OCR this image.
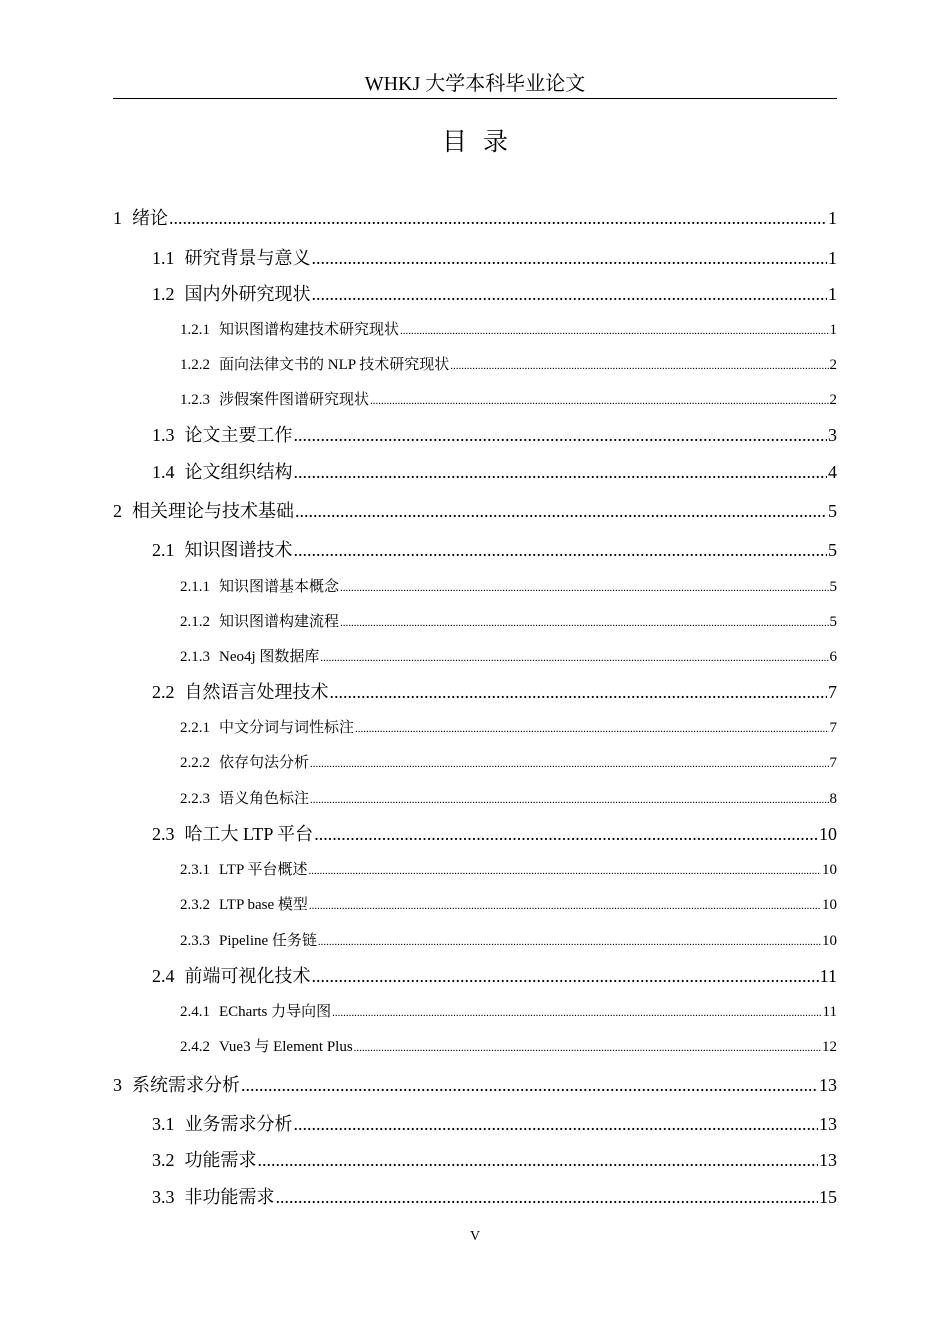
WHKJ 大学本科毕业论文
目录
1 绪论 .....	1
1.1 研究背景与意义 .....	1
1.2 国内外研究现状 .....	1
1.2.1 知识图谱构建技术研究现状 .....	1
1.2.2 面向法律文书的 NLP 技术研究现状 .....	2
1.2.3 涉假案件图谱研究现状 .....	2
1.3 论文主要工作 .....	3
1.4 论文组织结构 .....	4
2 相关理论与技术基础 .....	5
2.1 知识图谱技术 .....	5
2.1.1 知识图谱基本概念 .....	5
2.1.2 知识图谱构建流程 .....	5
2.1.3 Neo4j 图数据库 .....	6
2.2 自然语言处理技术 .....	7
2.2.1 中文分词与词性标注 .....	7
2.2.2 依存句法分析 .....	7
2.2.3 语义角色标注 .....	8
2.3 哈工大 LTP 平台 .....	10
2.3.1 LTP 平台概述 .....	10
2.3.2 LTP base 模型 .....	10
2.3.3 Pipeline 任务链 .....	10
2.4 前端可视化技术 .....	11
2.4.1 ECharts 力导向图 .....	11
2.4.2 Vue3 与 Element Plus .....	12
3 系统需求分析 .....	13
3.1 业务需求分析 .....	13
3.2 功能需求 .....	13
3.3 非功能需求 .....	15
V
